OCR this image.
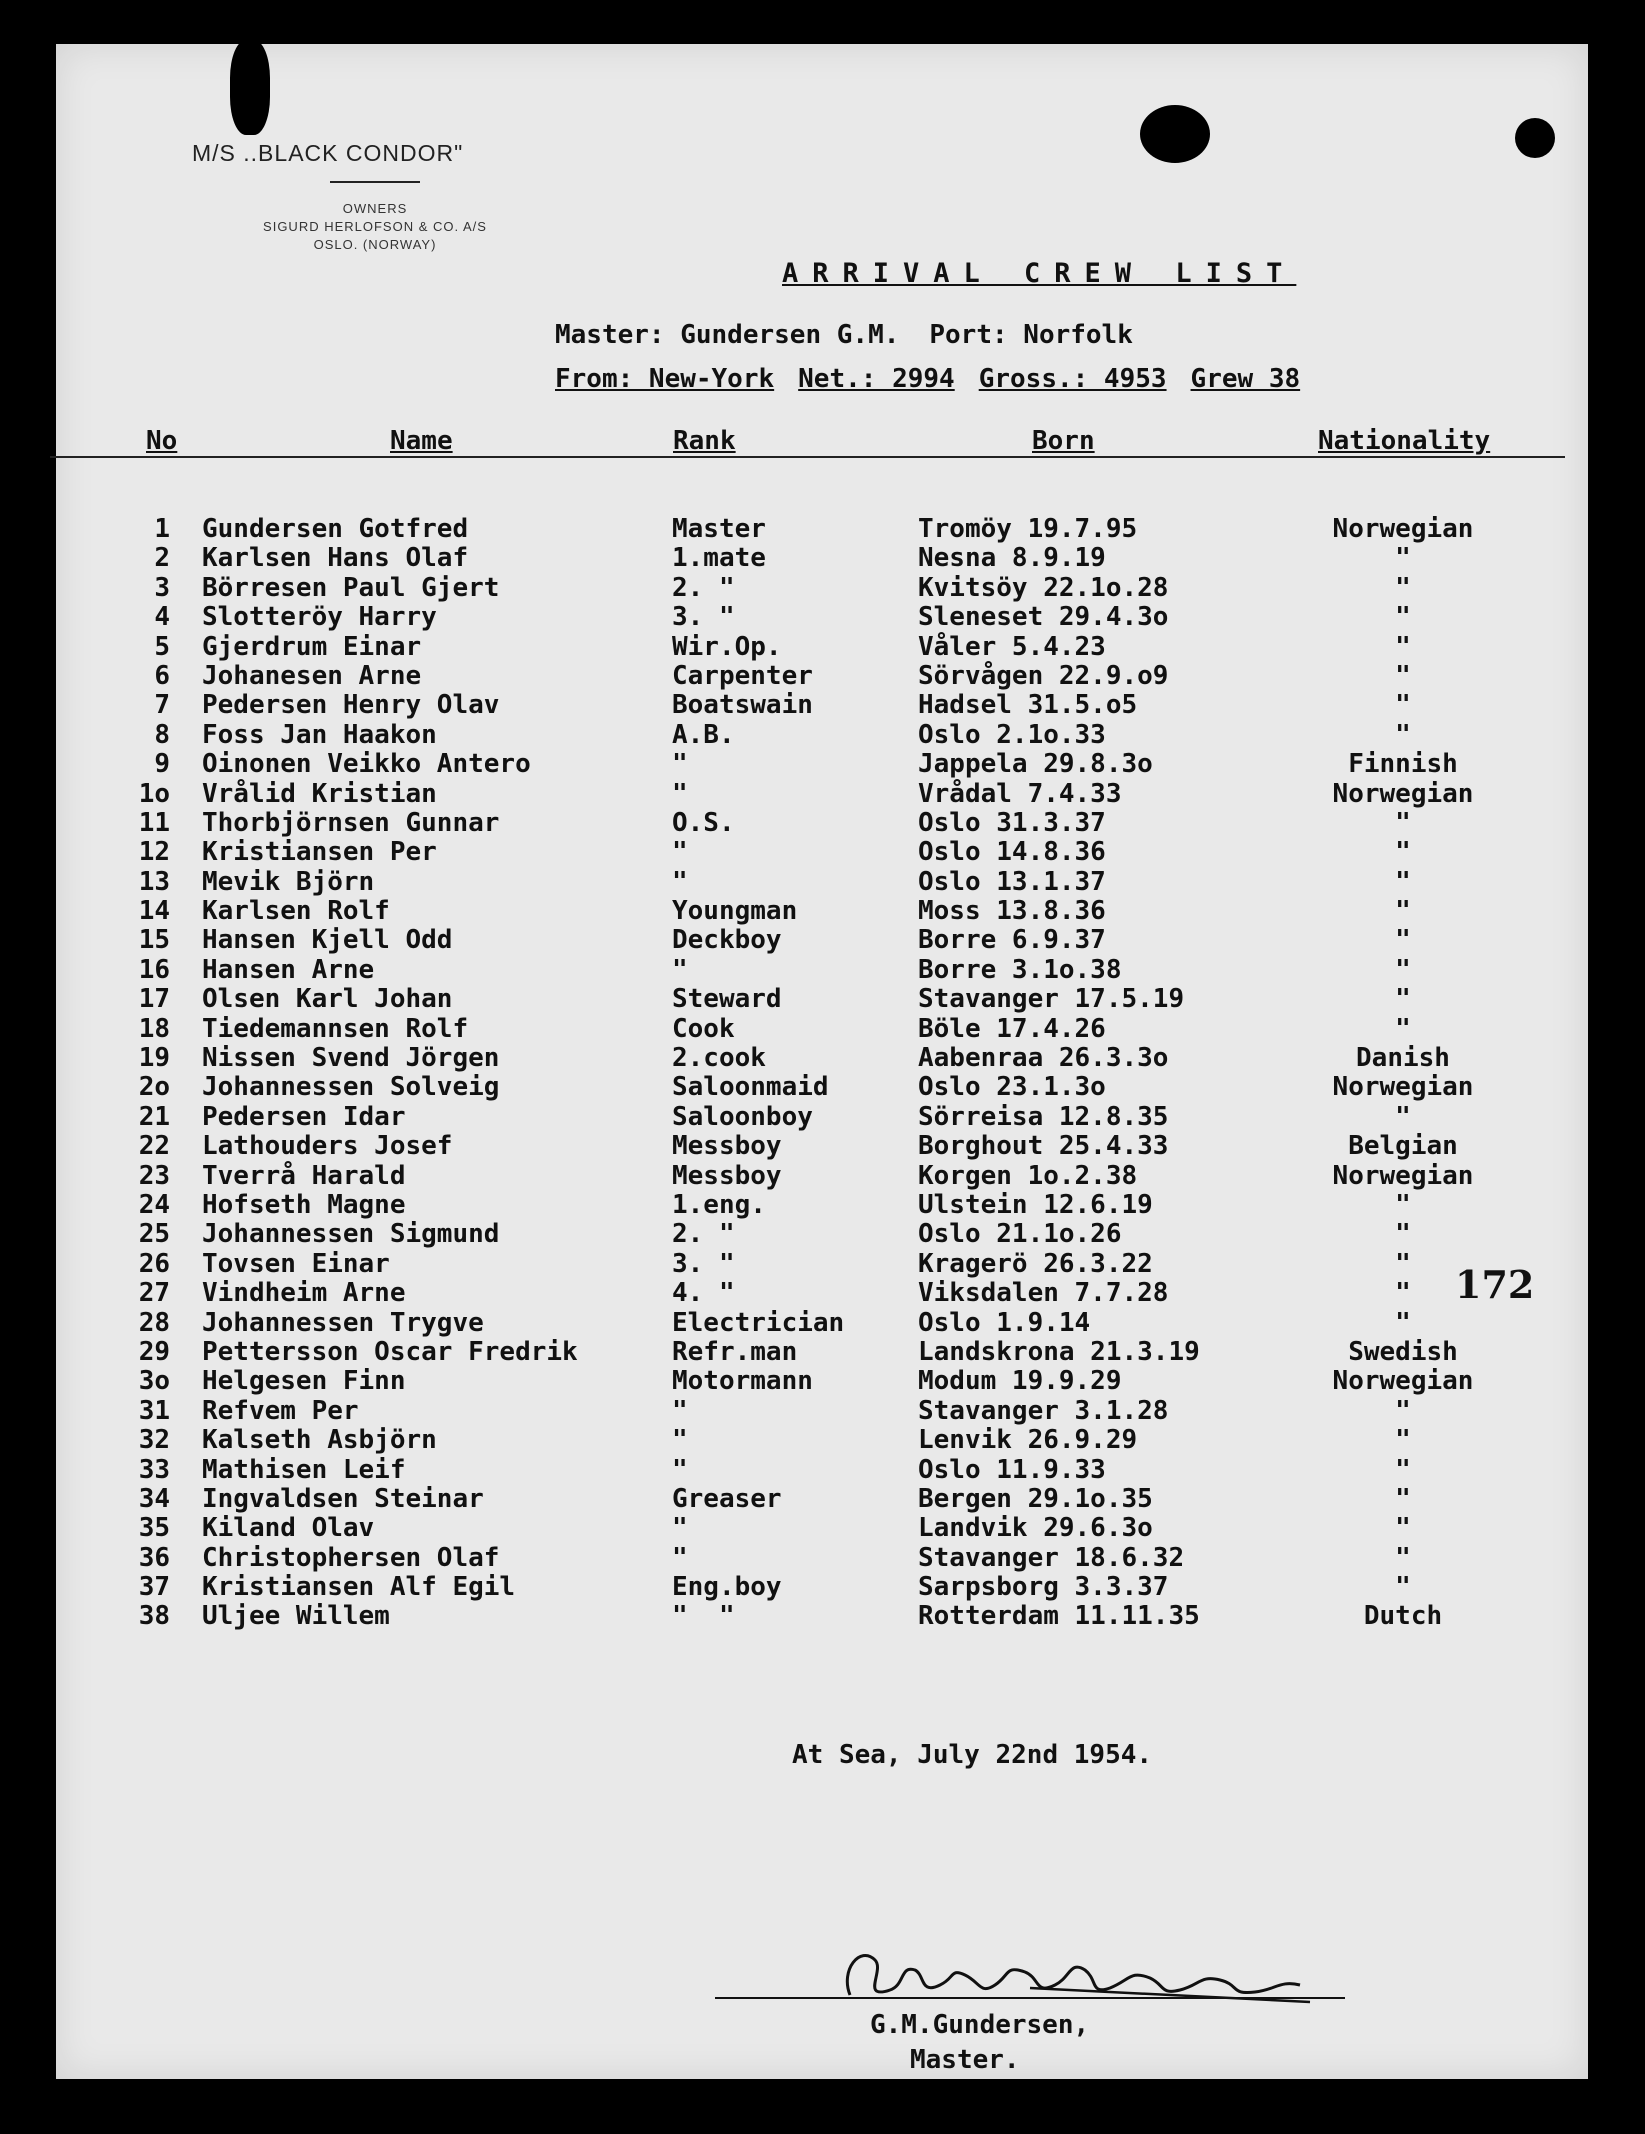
M/S ..BLACK CONDOR"
OWNERS
SIGURD HERLOFSON & CO. A/S
OSLO. (NORWAY)
ARRIVAL CREW LIST
Master: Gundersen G.M. Port: Norfolk
From: New-York Net.: 2994 Gross.: 4953 Grew 38
No	Name	Rank	Born	Nationality
1 Gundersen Gotfred	Master	Tromöy 19.7.95	Norwegian
2 Karlsen Hans Olaf	1.mate	Nesna 8.9.19	"
3 Börresen Paul Gjert	2. "	Kvitsöy 22.1o.28	"
4 Slotteröy Harry	3. "	Sleneset 29.4.3o	"
5 Gjerdrum Einar	Wir.Op.	Våler 5.4.23	"
6 Johanesen Arne	Carpenter	Sörvågen 22.9.o9	"
7 Pedersen Henry Olav	Boatswain	Hadsel 31.5.o5	"
8 Foss Jan Haakon	A.B.	Oslo 2.1o.33	"
9 Oinonen Veikko Antero	"	Jappela 29.8.3o	Finnish
1o Vrålid Kristian	"	Vrådal 7.4.33	Norwegian
11 Thorbjörnsen Gunnar	O.S.	Oslo 31.3.37	"
12 Kristiansen Per	"	Oslo 14.8.36	"
13 Mevik Björn	"	Oslo 13.1.37	"
14 Karlsen Rolf	Youngman	Moss 13.8.36	"
15 Hansen Kjell Odd	Deckboy	Borre 6.9.37	"
16 Hansen Arne	"	Borre 3.1o.38	"
17 Olsen Karl Johan	Steward	Stavanger 17.5.19	"
18 Tiedemannsen Rolf	Cook	Böle 17.4.26	"
19 Nissen Svend Jörgen	2.cook	Aabenraa 26.3.3o	Danish
2o Johannessen Solveig	Saloonmaid	Oslo 23.1.3o	Norwegian
21 Pedersen Idar	Saloonboy	Sörreisa 12.8.35	"
22 Lathouders Josef	Messboy	Borghout 25.4.33	Belgian
23 Tverrå Harald	Messboy	Korgen 1o.2.38	Norwegian
24 Hofseth Magne	1.eng.	Ulstein 12.6.19	"
25 Johannessen Sigmund	2. "	Oslo 21.1o.26	"
26 Tovsen Einar	3. "	Kragerö 26.3.22	"
27 Vindheim Arne	4. "	Viksdalen 7.7.28	"
28 Johannessen Trygve	Electrician	Oslo 1.9.14	"
29 Pettersson Oscar Fredrik	Refr.man	Landskrona 21.3.19	Swedish
3o Helgesen Finn	Motormann	Modum 19.9.29	Norwegian
31 Refvem Per	"	Stavanger 3.1.28	"
32 Kalseth Asbjörn	"	Lenvik 26.9.29	"
33 Mathisen Leif	"	Oslo 11.9.33	"
34 Ingvaldsen Steinar	Greaser	Bergen 29.1o.35	"
35 Kiland Olav	"	Landvik 29.6.3o	"
36 Christophersen Olaf	"	Stavanger 18.6.32	"
37 Kristiansen Alf Egil	Eng.boy	Sarpsborg 3.3.37	"
38 Uljee Willem	"  "	Rotterdam 11.11.35	Dutch
172
At Sea, July 22nd 1954.
G.M.Gundersen,
Master.
